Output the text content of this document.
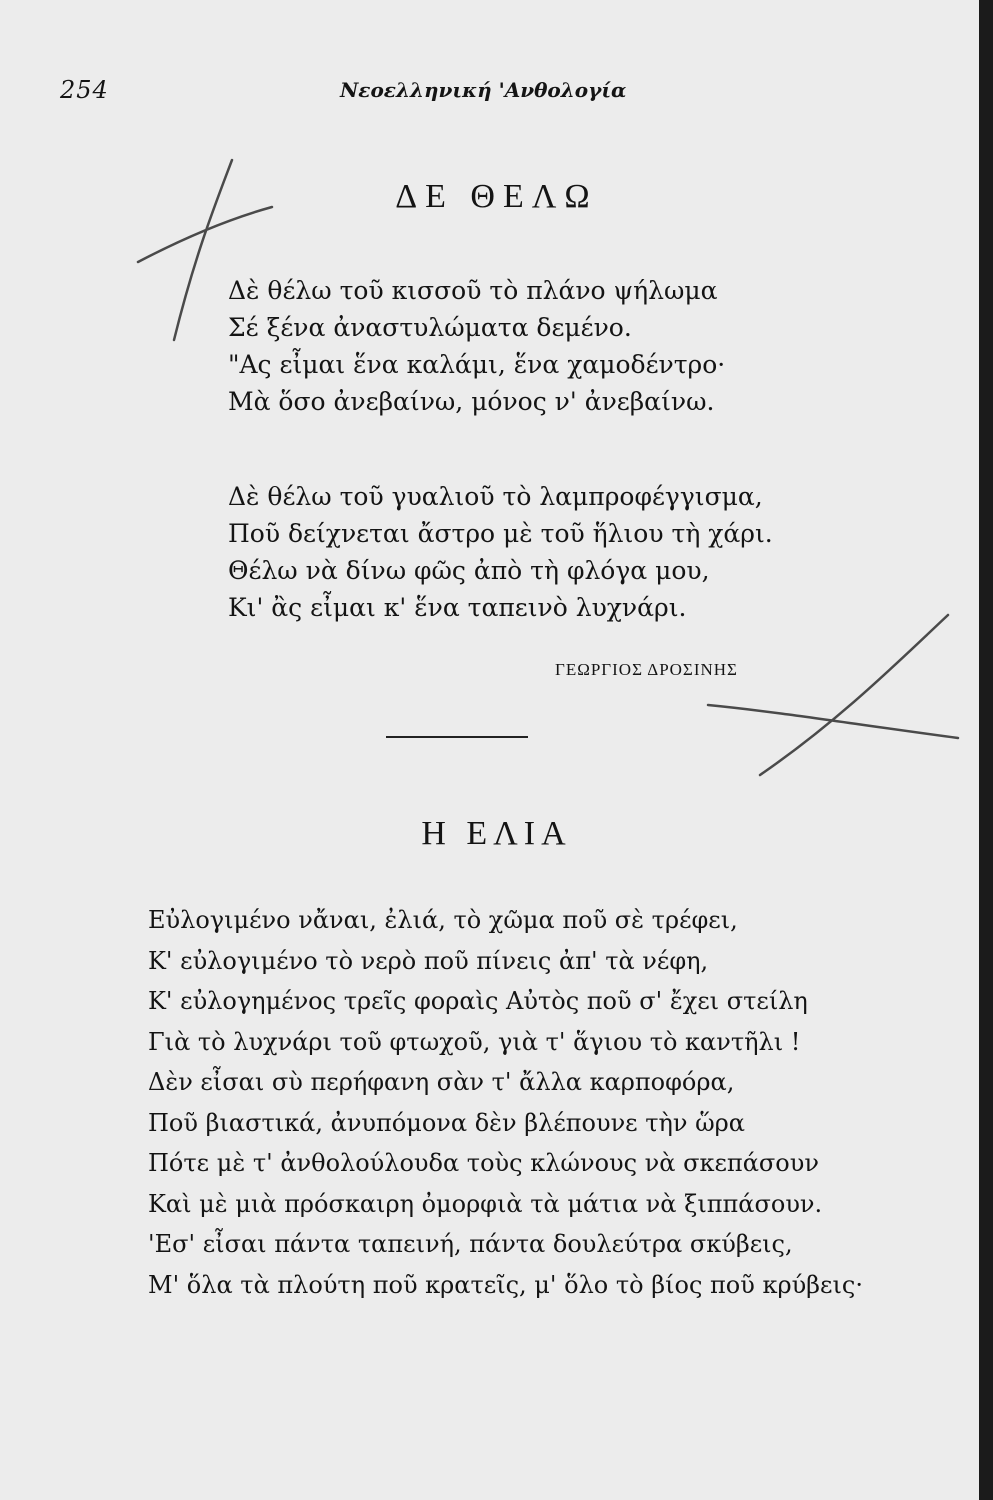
254	Νεοελληνική 'Ανθολογία
ΔΕ ΘΕΛΩ
Δὲ θέλω τοῦ κισσοῦ τὸ πλάνο ψήλωμα
Σέ ξένα ἀναστυλώματα δεμένο.
"Ας εἶμαι ἕνα καλάμι, ἕνα χαμοδέντρο·
Μὰ ὅσο ἀνεβαίνω, μόνος ν' ἀνεβαίνω.
Δὲ θέλω τοῦ γυαλιοῦ τὸ λαμπροφέγγισμα,
Ποῦ δείχνεται ἄστρο μὲ τοῦ ἥλιου τὴ χάρι.
Θέλω νὰ δίνω φῶς ἀπὸ τὴ φλόγα μου,
Κι' ἂς εἶμαι κ' ἕνα ταπεινὸ λυχνάρι.
ΓΕΩΡΓΙΟΣ ΔΡΟΣΙΝΗΣ
Η ΕΛΙΑ
Εὐλογιμένο νἄναι, ἐλιά, τὸ χῶμα ποῦ σὲ τρέφει,
Κ' εὐλογιμένο τὸ νερὸ ποῦ πίνεις ἀπ' τὰ νέφη,
Κ' εὐλογημένος τρεῖς φοραὶς Αὐτὸς ποῦ σ' ἔχει στείλη
Γιὰ τὸ λυχνάρι τοῦ φτωχοῦ, γιὰ τ' ἅγιου τὸ καντῆλι !
Δὲν εἶσαι σὺ περήφανη σὰν τ' ἄλλα καρποφόρα,
Ποῦ βιαστικά, ἀνυπόμονα δὲν βλέπουνε τὴν ὥρα
Πότε μὲ τ' ἀνθολούλουδα τοὺς κλώνους νὰ σκεπάσουν
Καὶ μὲ μιὰ πρόσκαιρη ὀμορφιὰ τὰ μάτια νὰ ξιππάσουν.
'Εσ' εἶσαι πάντα ταπεινή, πάντα δουλεύτρα σκύβεις,
Μ' ὅλα τὰ πλούτη ποῦ κρατεῖς, μ' ὅλο τὸ βίος ποῦ κρύβεις·
